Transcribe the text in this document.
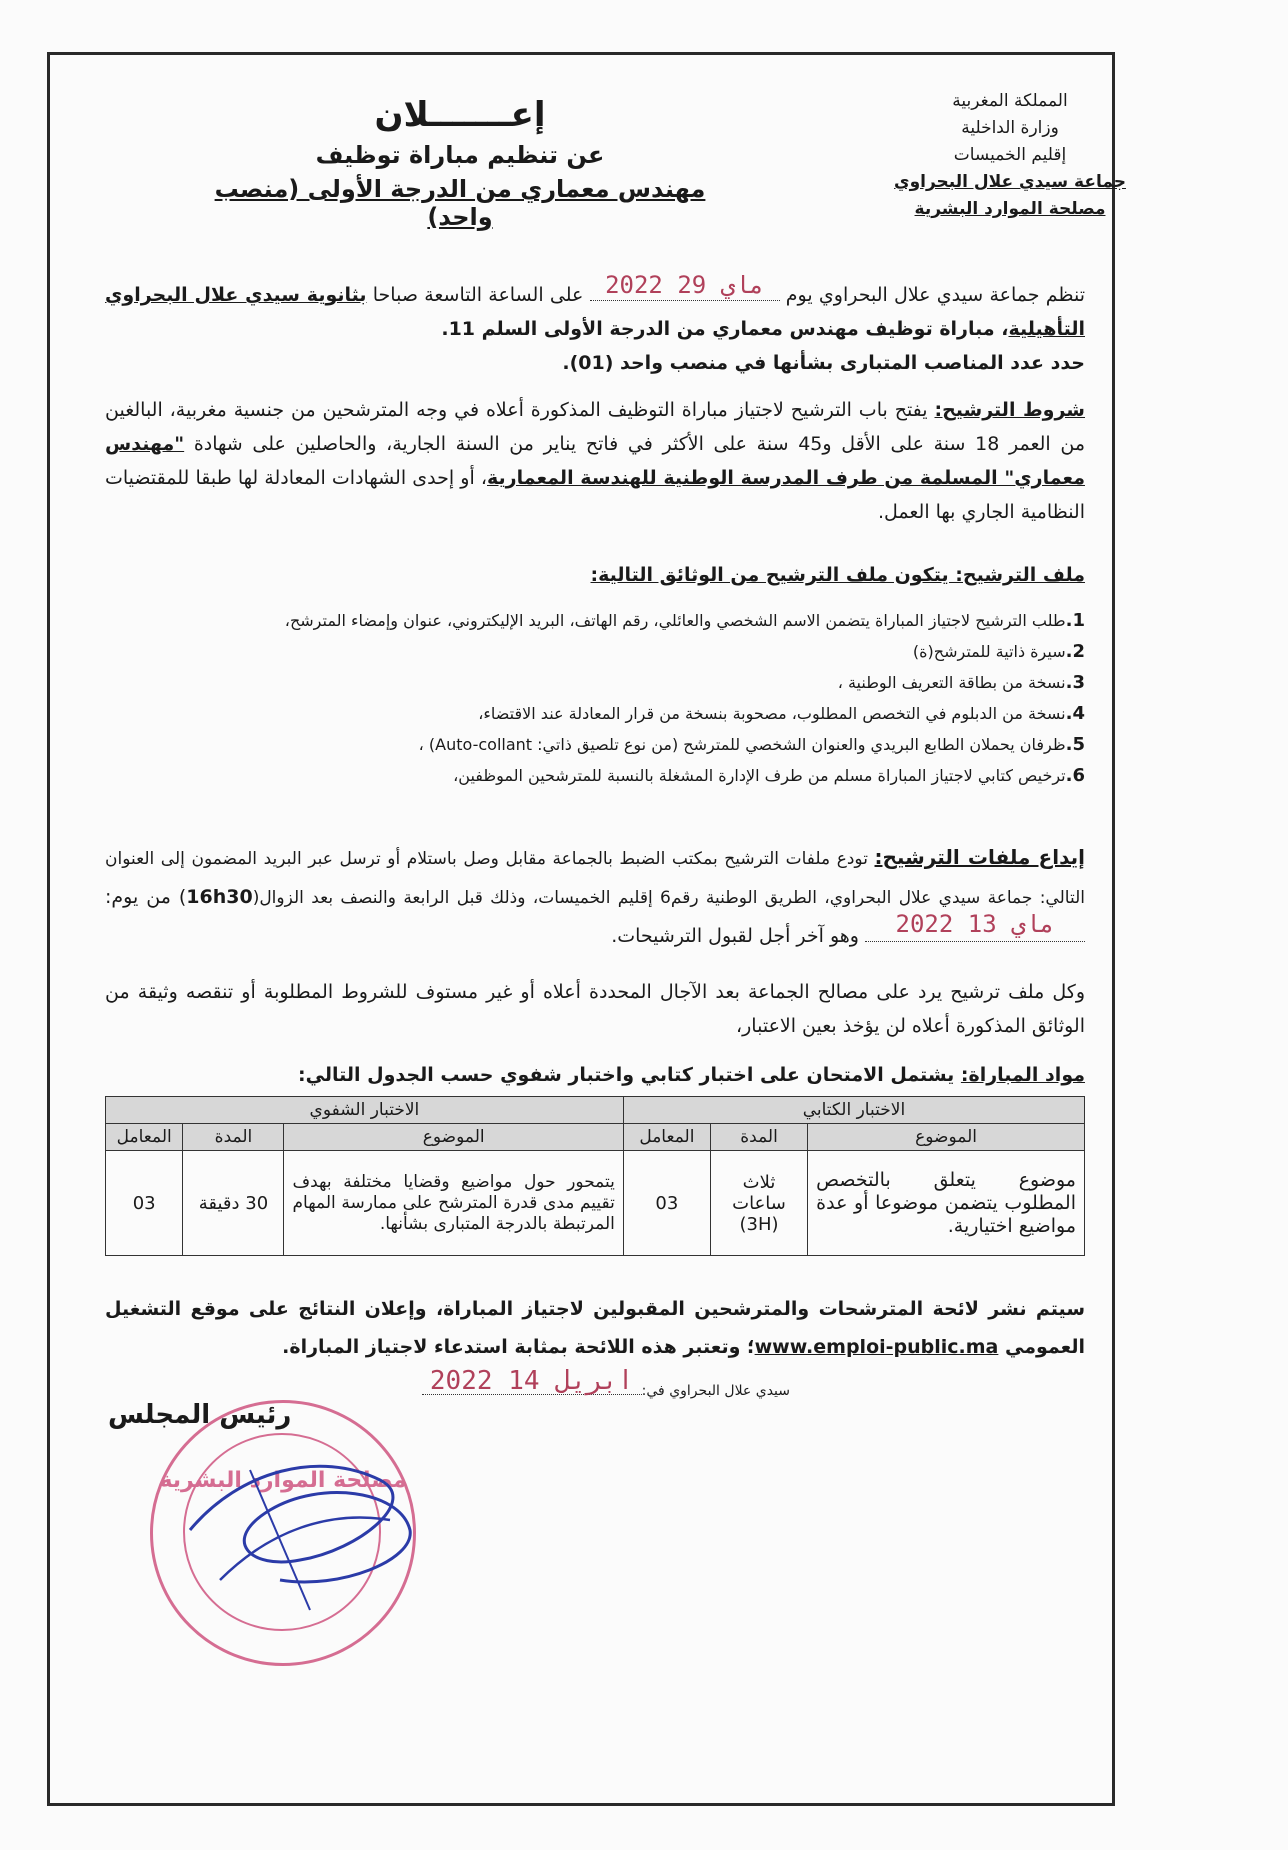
المملكة المغربية
وزارة الداخلية
إقليم الخميسات
جماعة سيدي علال البحراوي
مصلحة الموارد البشرية
إعـــــــلان
عن تنظيم مباراة توظيف
مهندس معماري من الدرجة الأولى (منصب واحد)
تنظم جماعة سيدي علال البحراوي يوم
2022 ماي 29
على الساعة التاسعة صباحا بثانوية سيدي علال البحراوي التأهيلية، مباراة توظيف مهندس معماري من الدرجة الأولى السلم 11.
حدد عدد المناصب المتبارى بشأنها في منصب واحد (01).
شروط الترشيح: يفتح باب الترشيح لاجتياز مباراة التوظيف المذكورة أعلاه في وجه المترشحين من جنسية مغربية، البالغين من العمر 18 سنة على الأقل و45 سنة على الأكثر في فاتح يناير من السنة الجارية، والحاصلين على شهادة "مهندس معماري" المسلمة من طرف المدرسة الوطنية للهندسة المعمارية، أو إحدى الشهادات المعادلة لها طبقا للمقتضيات النظامية الجاري بها العمل.
ملف الترشيح: يتكون ملف الترشيح من الوثائق التالية:
1.طلب الترشيح لاجتياز المباراة يتضمن الاسم الشخصي والعائلي، رقم الهاتف، البريد الإليكتروني، عنوان وإمضاء المترشح،
2.سيرة ذاتية للمترشح(ة)
3.نسخة من بطاقة التعريف الوطنية ،
4.نسخة من الدبلوم في التخصص المطلوب، مصحوبة بنسخة من قرار المعادلة عند الاقتضاء،
5.ظرفان يحملان الطابع البريدي والعنوان الشخصي للمترشح (من نوع تلصيق ذاتي: Auto-collant) ،
6.ترخيص كتابي لاجتياز المباراة مسلم من طرف الإدارة المشغلة بالنسبة للمترشحين الموظفين،
إيداع ملفات الترشيح: تودع ملفات الترشيح بمكتب الضبط بالجماعة مقابل وصل باستلام أو ترسل عبر البريد المضمون إلى العنوان التالي: جماعة سيدي علال البحراوي، الطريق الوطنية رقم6 إقليم الخميسات، وذلك قبل الرابعة والنصف بعد الزوال(16h30) من يوم:
2022 ماي 13
وهو آخر أجل لقبول الترشيحات.
وكل ملف ترشيح يرد على مصالح الجماعة بعد الآجال المحددة أعلاه أو غير مستوف للشروط المطلوبة أو تنقصه وثيقة من الوثائق المذكورة أعلاه لن يؤخذ بعين الاعتبار،
مواد المباراة: يشتمل الامتحان على اختبار كتابي واختبار شفوي حسب الجدول التالي:
الاختبار الكتابي			الاختبار الشفوي		
الموضوع	المدة	المعامل	الموضوع	المدة	المعامل
موضوع يتعلق بالتخصص المطلوب يتضمن موضوعا أو عدة مواضيع اختيارية.	ثلاث ساعات (3H)	03	يتمحور حول مواضيع وقضايا مختلفة بهدف تقييم مدى قدرة المترشح على ممارسة المهام المرتبطة بالدرجة المتبارى بشأنها.	30 دقيقة	03
سيتم نشر لائحة المترشحات والمترشحين المقبولين لاجتياز المباراة، وإعلان النتائج على موقع التشغيل العمومي www.emploi-public.ma؛ وتعتبر هذه اللائحة بمثابة استدعاء لاجتياز المباراة.
سيدي علال البحراوي في:
2022 ابريل 14
رئيس المجلس
مصلحة الموارد البشرية
